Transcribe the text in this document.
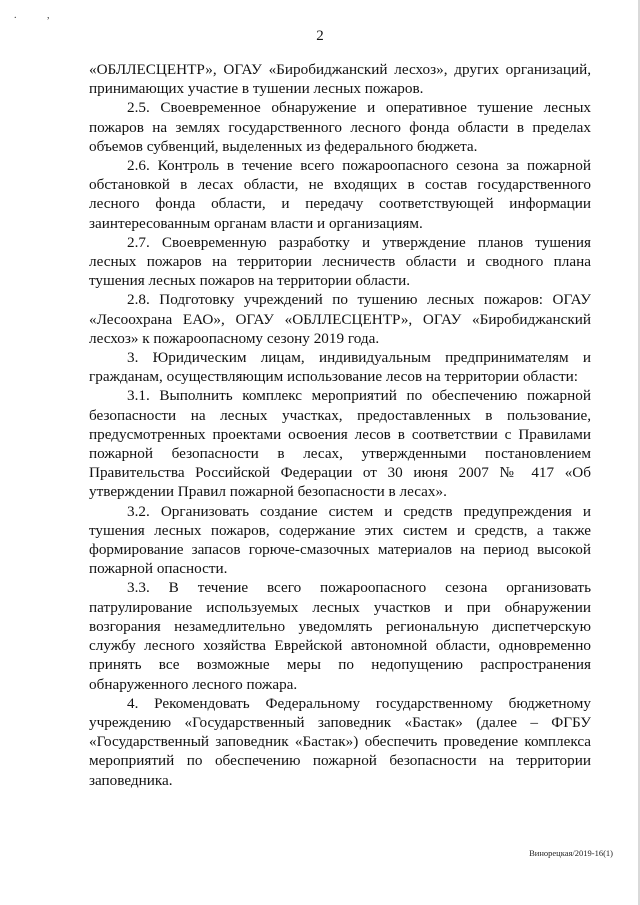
. ,
2

«ОБЛЛЕСЦЕНТР», ОГАУ «Биробиджанский лесхоз», других организаций, принимающих участие в тушении лесных пожаров.

2.5. Своевременное обнаружение и оперативное тушение лесных пожаров на землях государственного лесного фонда области в пределах объемов субвенций, выделенных из федерального бюджета.

2.6. Контроль в течение всего пожароопасного сезона за пожарной обстановкой в лесах области, не входящих в состав государственного лесного фонда области, и передачу соответствующей информации заинтересованным органам власти и организациям.

2.7. Своевременную разработку и утверждение планов тушения лесных пожаров на территории лесничеств области и сводного плана тушения лесных пожаров на территории области.

2.8. Подготовку учреждений по тушению лесных пожаров: ОГАУ «Лесоохрана ЕАО», ОГАУ «ОБЛЛЕСЦЕНТР», ОГАУ «Биробиджанский лесхоз» к пожароопасному сезону 2019 года.

3. Юридическим лицам, индивидуальным предпринимателям и гражданам, осуществляющим использование лесов на территории области:

3.1. Выполнить комплекс мероприятий по обеспечению пожарной безопасности на лесных участках, предоставленных в пользование, предусмотренных проектами освоения лесов в соответствии с Правилами пожарной безопасности в лесах, утвержденными постановлением Правительства Российской Федерации от 30 июня 2007 № 417 «Об утверждении Правил пожарной безопасности в лесах».

3.2. Организовать создание систем и средств предупреждения и тушения лесных пожаров, содержание этих систем и средств, а также формирование запасов горюче-смазочных материалов на период высокой пожарной опасности.

3.3. В течение всего пожароопасного сезона организовать патрулирование используемых лесных участков и при обнаружении возгорания незамедлительно уведомлять региональную диспетчерскую службу лесного хозяйства Еврейской автономной области, одновременно принять все возможные меры по недопущению распространения обнаруженного лесного пожара.

4. Рекомендовать Федеральному государственному бюджетному учреждению «Государственный заповедник «Бастак» (далее – ФГБУ «Государственный заповедник «Бастак») обеспечить проведение комплекса мероприятий по обеспечению пожарной безопасности на территории заповедника.

Винорецкая/2019-16(1)
